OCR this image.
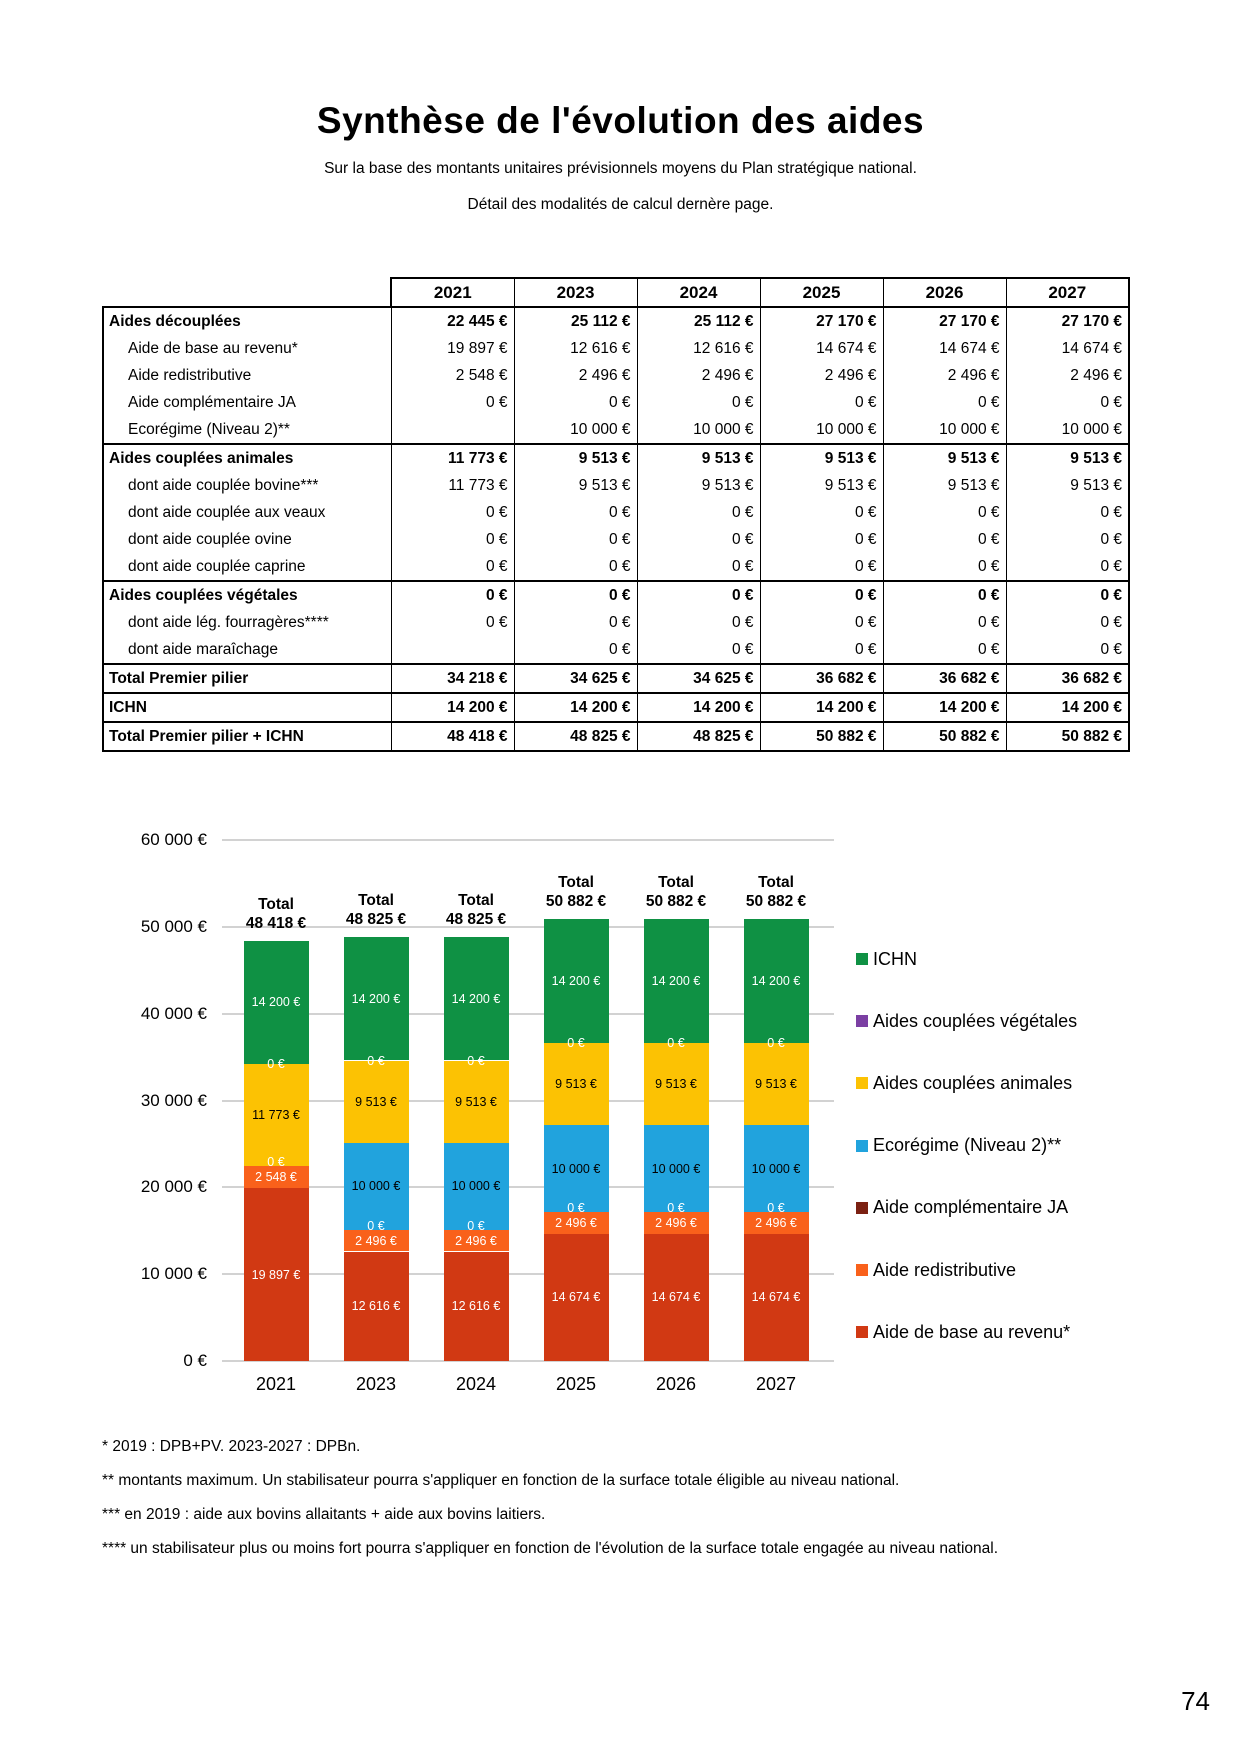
Synthèse de l'évolution des aides
Sur la base des montants unitaires prévisionnels moyens du Plan stratégique national.
Détail des modalités de calcul dernère page.
	2021	2023	2024	2025	2026	2027
Aides découplées	22 445 €	25 112 €	25 112 €	27 170 €	27 170 €	27 170 €
Aide de base au revenu*	19 897 €	12 616 €	12 616 €	14 674 €	14 674 €	14 674 €
Aide redistributive	2 548 €	2 496 €	2 496 €	2 496 €	2 496 €	2 496 €
Aide complémentaire JA	0 €	0 €	0 €	0 €	0 €	0 €
Ecorégime (Niveau 2)**		10 000 €	10 000 €	10 000 €	10 000 €	10 000 €
Aides couplées animales	11 773 €	9 513 €	9 513 €	9 513 €	9 513 €	9 513 €
dont aide couplée bovine***	11 773 €	9 513 €	9 513 €	9 513 €	9 513 €	9 513 €
dont aide couplée aux veaux	0 €	0 €	0 €	0 €	0 €	0 €
dont aide couplée ovine	0 €	0 €	0 €	0 €	0 €	0 €
dont aide couplée caprine	0 €	0 €	0 €	0 €	0 €	0 €
Aides couplées végétales	0 €	0 €	0 €	0 €	0 €	0 €
dont aide lég. fourragères****	0 €	0 €	0 €	0 €	0 €	0 €
dont aide maraîchage		0 €	0 €	0 €	0 €	0 €
Total Premier pilier	34 218 €	34 625 €	34 625 €	36 682 €	36 682 €	36 682 €
ICHN	14 200 €	14 200 €	14 200 €	14 200 €	14 200 €	14 200 €
Total Premier pilier + ICHN	48 418 €	48 825 €	48 825 €	50 882 €	50 882 €	50 882 €
0 €
10 000 €
20 000 €
30 000 €
40 000 €
50 000 €
60 000 €
19 897 €
2 548 €
0 €
11 773 €
0 €
14 200 €
Total
48 418 €
2021
12 616 €
2 496 €
0 €
10 000 €
9 513 €
0 €
14 200 €
Total
48 825 €
2023
12 616 €
2 496 €
0 €
10 000 €
9 513 €
0 €
14 200 €
Total
48 825 €
2024
14 674 €
2 496 €
0 €
10 000 €
9 513 €
0 €
14 200 €
Total
50 882 €
2025
14 674 €
2 496 €
0 €
10 000 €
9 513 €
0 €
14 200 €
Total
50 882 €
2026
14 674 €
2 496 €
0 €
10 000 €
9 513 €
0 €
14 200 €
Total
50 882 €
2027
ICHN
Aides couplées végétales
Aides couplées animales
Ecorégime (Niveau 2)**
Aide complémentaire JA
Aide redistributive
Aide de base au revenu*
* 2019 : DPB+PV. 2023-2027 : DPBn.
** montants maximum. Un stabilisateur pourra s'appliquer en fonction de la surface totale éligible au niveau national.
*** en 2019 : aide aux bovins allaitants + aide aux bovins laitiers.
**** un stabilisateur plus ou moins fort pourra s'appliquer en fonction de l'évolution de la surface totale engagée au niveau national.
74
